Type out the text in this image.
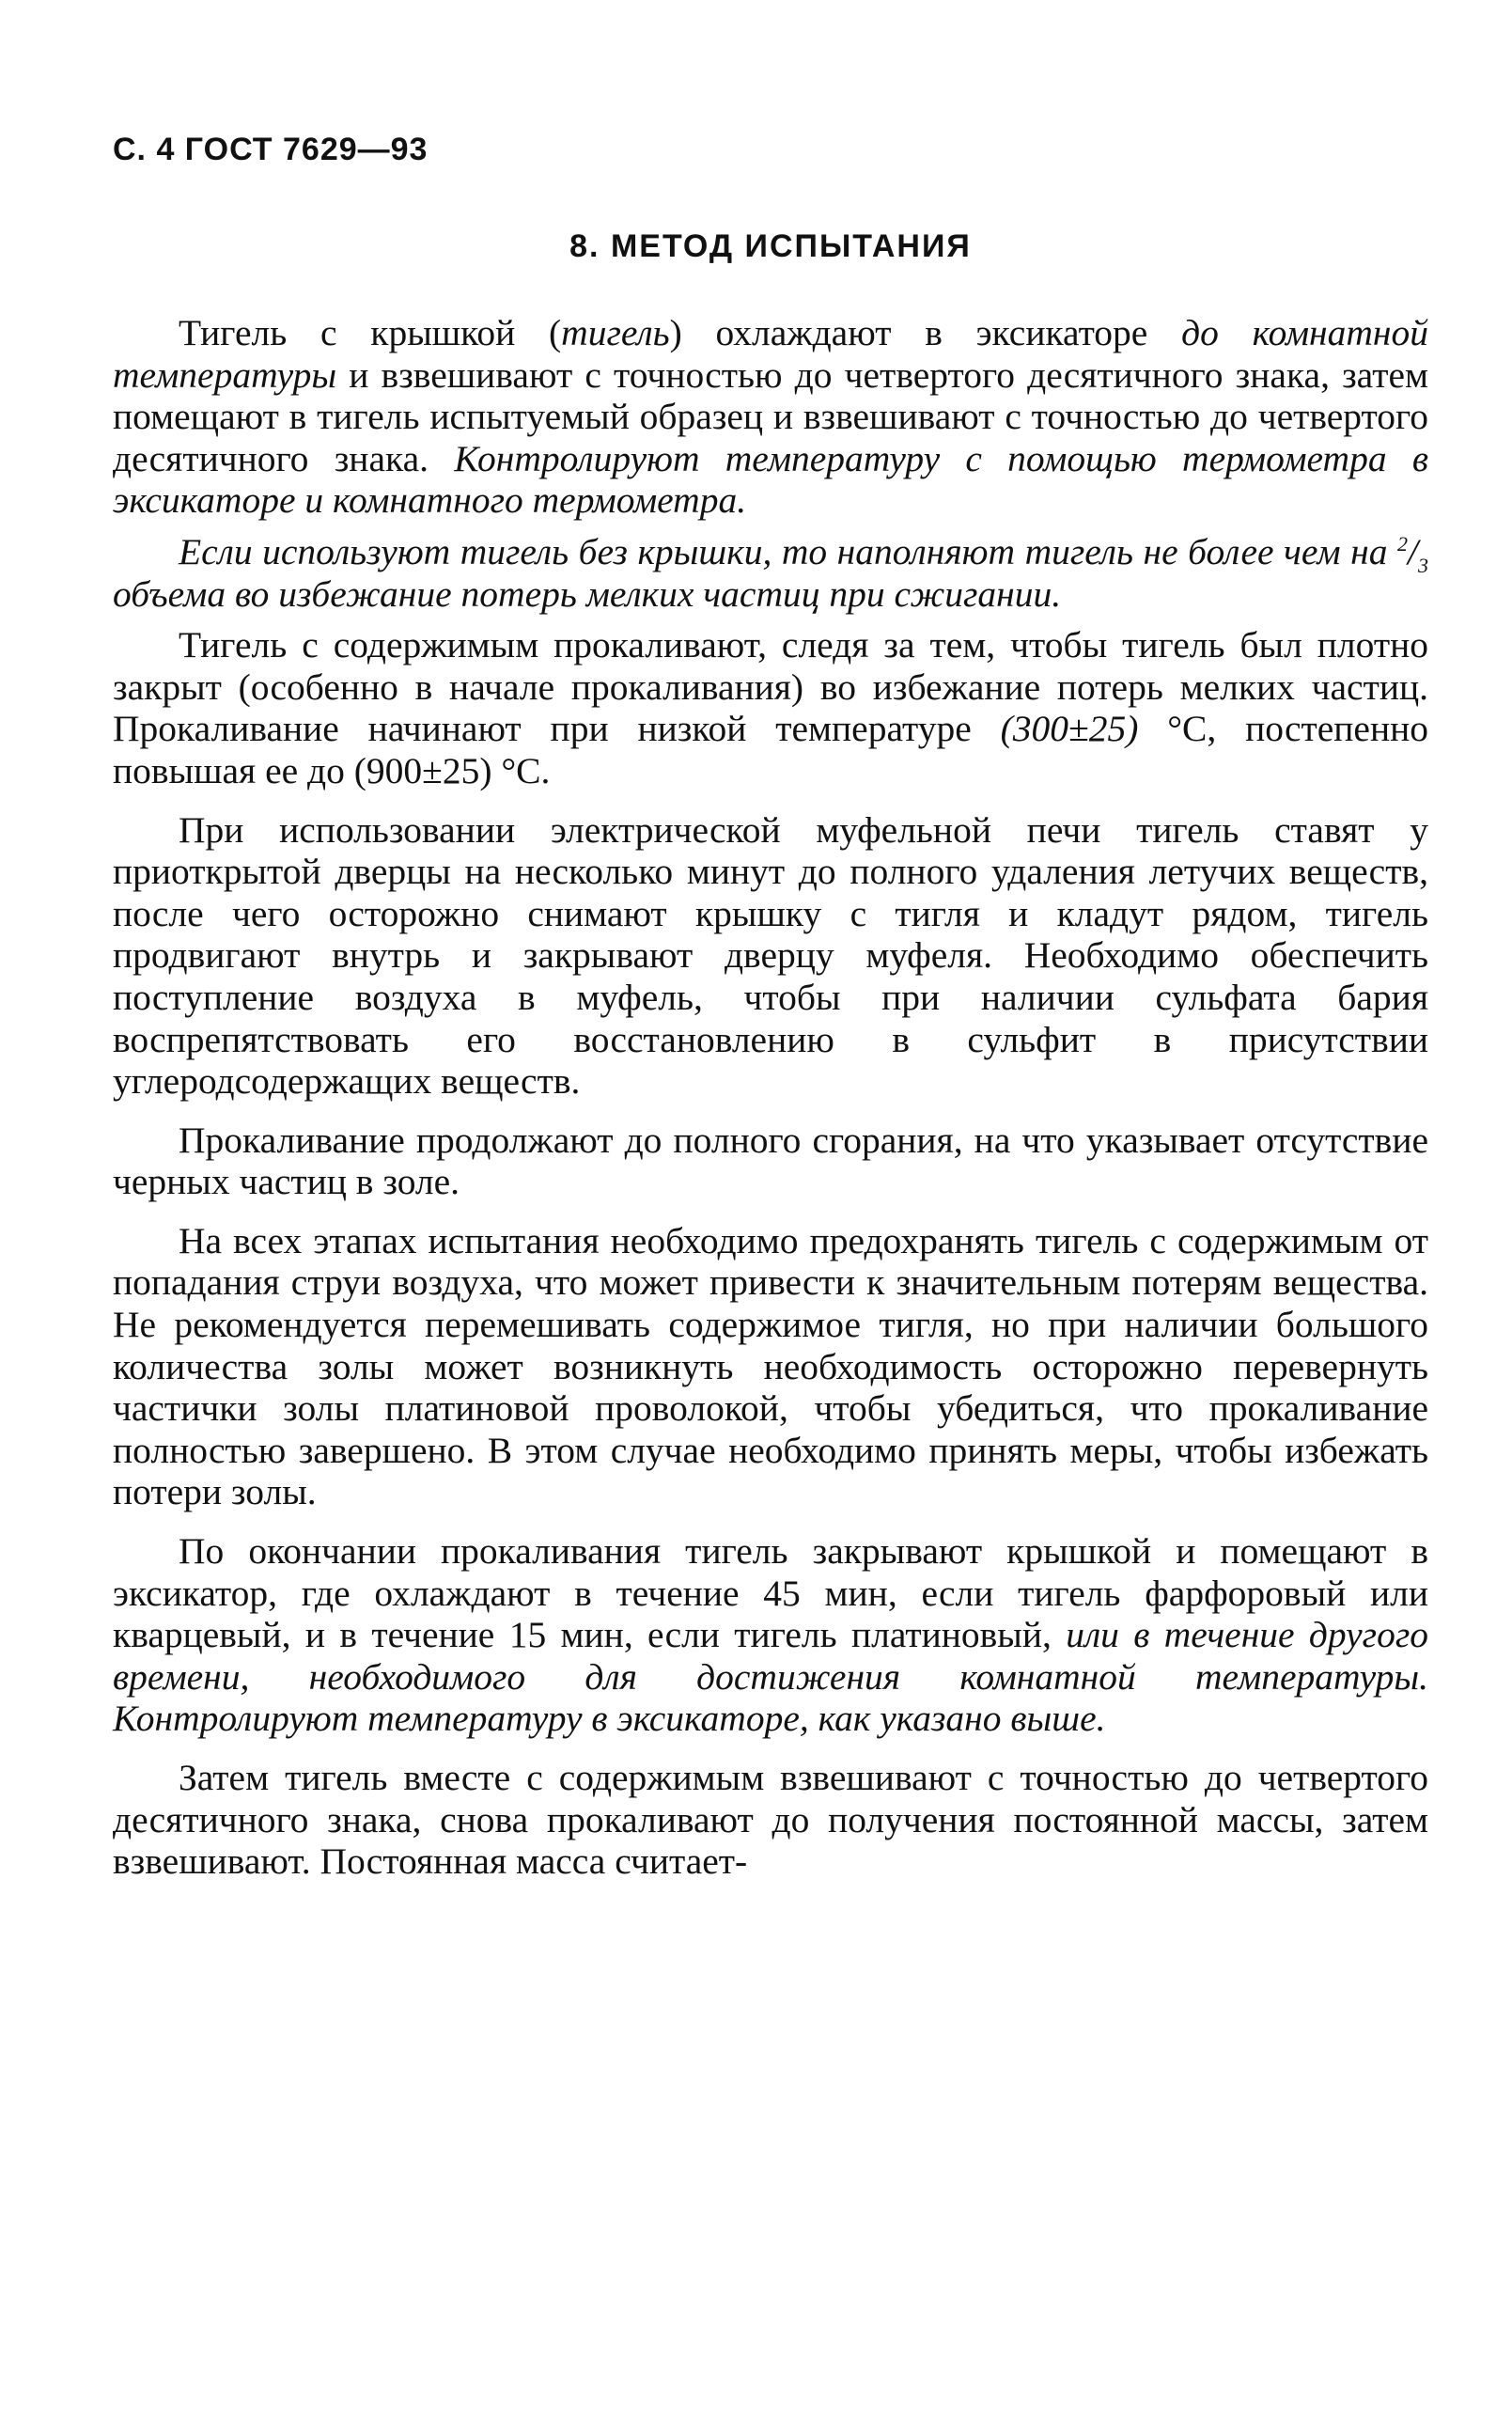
С. 4 ГОСТ 7629—93
8. МЕТОД ИСПЫТАНИЯ

Тигель с крышкой (тигель) охлаждают в эксикаторе до комнатной температуры и взвешивают с точностью до четвертого десятичного знака, затем помещают в тигель испытуемый образец и взвешивают с точностью до четвертого десятичного знака. Контролируют температуру с помощью термометра в эксикаторе и комнатного термометра.

Если используют тигель без крышки, то наполняют тигель не более чем на $^2/_3$ объема во избежание потерь мелких частиц при сжигании.

Тигель с содержимым прокаливают, следя за тем, чтобы тигель был плотно закрыт (особенно в начале прокаливания) во избежание потерь мелких частиц. Прокаливание начинают при низкой температуре (300±25) °С, постепенно повышая ее до (900±25) °С.

При использовании электрической муфельной печи тигель ставят у приоткрытой дверцы на несколько минут до полного удаления летучих веществ, после чего осторожно снимают крышку с тигля и кладут рядом, тигель продвигают внутрь и закрывают дверцу муфеля. Необходимо обеспечить поступление воздуха в муфель, чтобы при наличии сульфата бария воспрепятствовать его восстановлению в сульфит в присутствии углеродсодержащих веществ.

Прокаливание продолжают до полного сгорания, на что указывает отсутствие черных частиц в золе.

На всех этапах испытания необходимо предохранять тигель с содержимым от попадания струи воздуха, что может привести к значительным потерям вещества. Не рекомендуется перемешивать содержимое тигля, но при наличии большого количества золы может возникнуть необходимость осторожно перевернуть частички золы платиновой проволокой, чтобы убедиться, что прокаливание полностью завершено. В этом случае необходимо принять меры, чтобы избежать потери золы.

По окончании прокаливания тигель закрывают крышкой и помещают в эксикатор, где охлаждают в течение 45 мин, если тигель фарфоровый или кварцевый, и в течение 15 мин, если тигель платиновый, или в течение другого времени, необходимого для достижения комнатной температуры. Контролируют температуру в эксикаторе, как указано выше.

Затем тигель вместе с содержимым взвешивают с точностью до четвертого десятичного знака, снова прокаливают до получения постоянной массы, затем взвешивают. Постоянная масса считает-
